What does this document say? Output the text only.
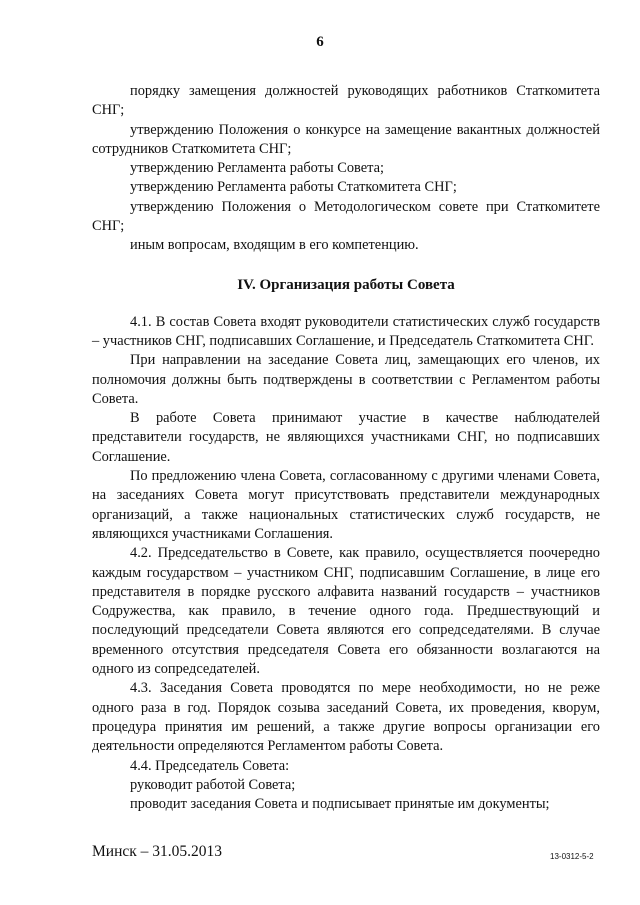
6

порядку замещения должностей руководящих работников Статкомитета СНГ;

утверждению Положения о конкурсе на замещение вакантных должностей сотрудников Статкомитета СНГ;

утверждению Регламента работы Совета;

утверждению Регламента работы Статкомитета СНГ;

утверждению Положения о Методологическом совете при Статкомитете СНГ;

иным вопросам, входящим в его компетенцию.

IV. Организация работы Совета

4.1. В состав Совета входят руководители статистических служб государств – участников СНГ, подписавших Соглашение, и Председатель Статкомитета СНГ.

При направлении на заседание Совета лиц, замещающих его членов, их полномочия должны быть подтверждены в соответствии с Регламентом работы Совета.

В работе Совета принимают участие в качестве наблюдателей представители государств, не являющихся участниками СНГ, но подписавших Соглашение.

По предложению члена Совета, согласованному с другими членами Совета, на заседаниях Совета могут присутствовать представители международных организаций, а также национальных статистических служб государств, не являющихся участниками Соглашения.

4.2. Председательство в Совете, как правило, осуществляется поочередно каждым государством – участником СНГ, подписавшим Соглашение, в лице его представителя в порядке русского алфавита названий государств – участников Содружества, как правило, в течение одного года. Предшествующий и последующий председатели Совета являются его сопредседателями. В случае временного отсутствия председателя Совета его обязанности возлагаются на одного из сопредседателей.

4.3. Заседания Совета проводятся по мере необходимости, но не реже одного раза в год. Порядок созыва заседаний Совета, их проведения, кворум, процедура принятия им решений, а также другие вопросы организации его деятельности определяются Регламентом работы Совета.

4.4. Председатель Совета:

руководит работой Совета;

проводит заседания Совета и подписывает принятые им документы;

Минск – 31.05.2013	13-0312-5-2
